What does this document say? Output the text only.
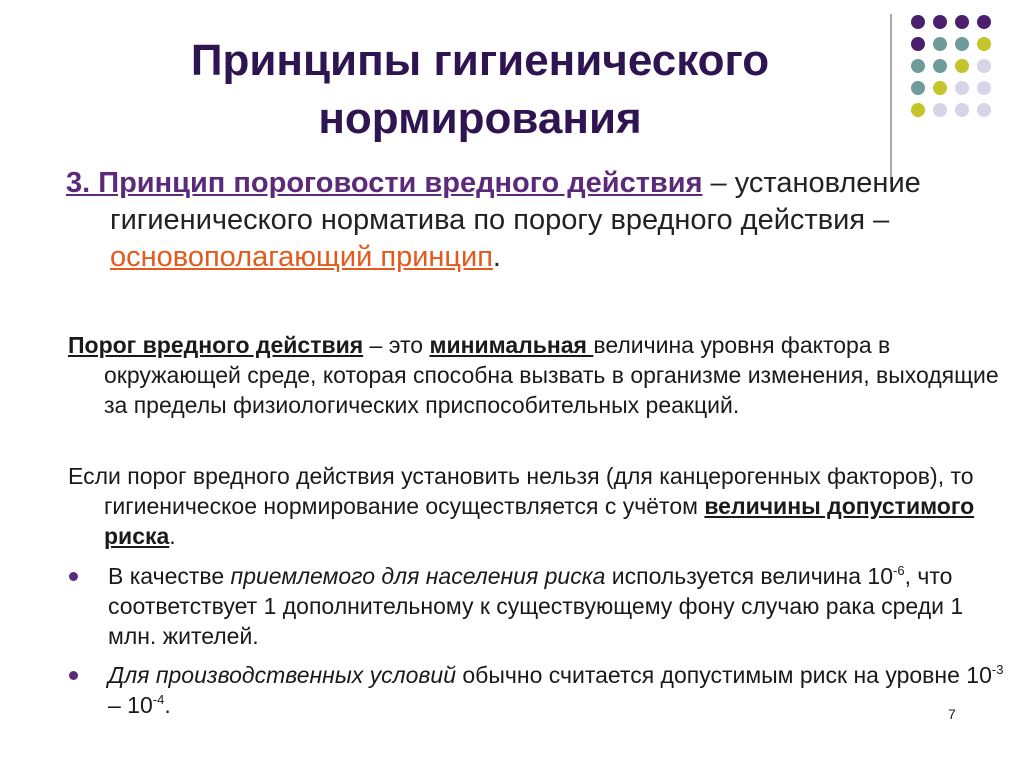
Принципы гигиенического
нормирования
3. Принцип пороговости вредного действия – установление гигиенического норматива по порогу вредного действия – основополагающий принцип.
Порог вредного действия – это минимальная величина уровня фактора в окружающей среде, которая способна вызвать в организме изменения, выходящие за пределы физиологических приспособительных реакций.
Если порог вредного действия установить нельзя (для канцерогенных факторов), то гигиеническое нормирование осуществляется с учётом величины допустимого риска.
В качестве приемлемого для населения риска используется величина $10^{-6}$, что соответствует 1 дополнительному к существующему фону случаю рака среди 1 млн. жителей.
Для производственных условий обычно считается допустимым риск на уровне $10^{-3} - 10^{-4}$.	7
